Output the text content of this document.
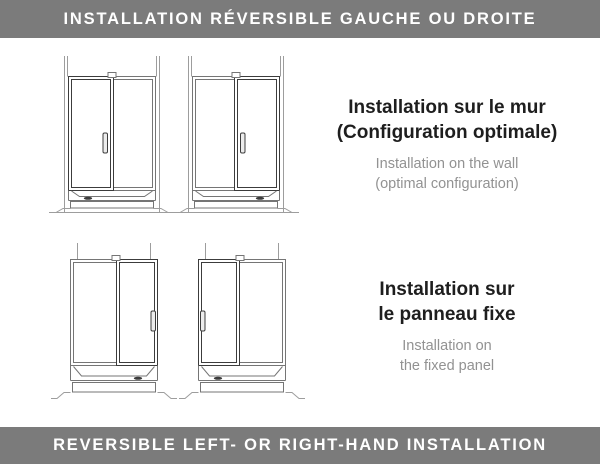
INSTALLATION RÉVERSIBLE GAUCHE OU DROITE
Installation sur le mur
(Configuration optimale)
Installation on the wall
(optimal configuration)
Installation sur
le panneau fixe
Installation on
the fixed panel
REVERSIBLE LEFT- OR RIGHT-HAND INSTALLATION
